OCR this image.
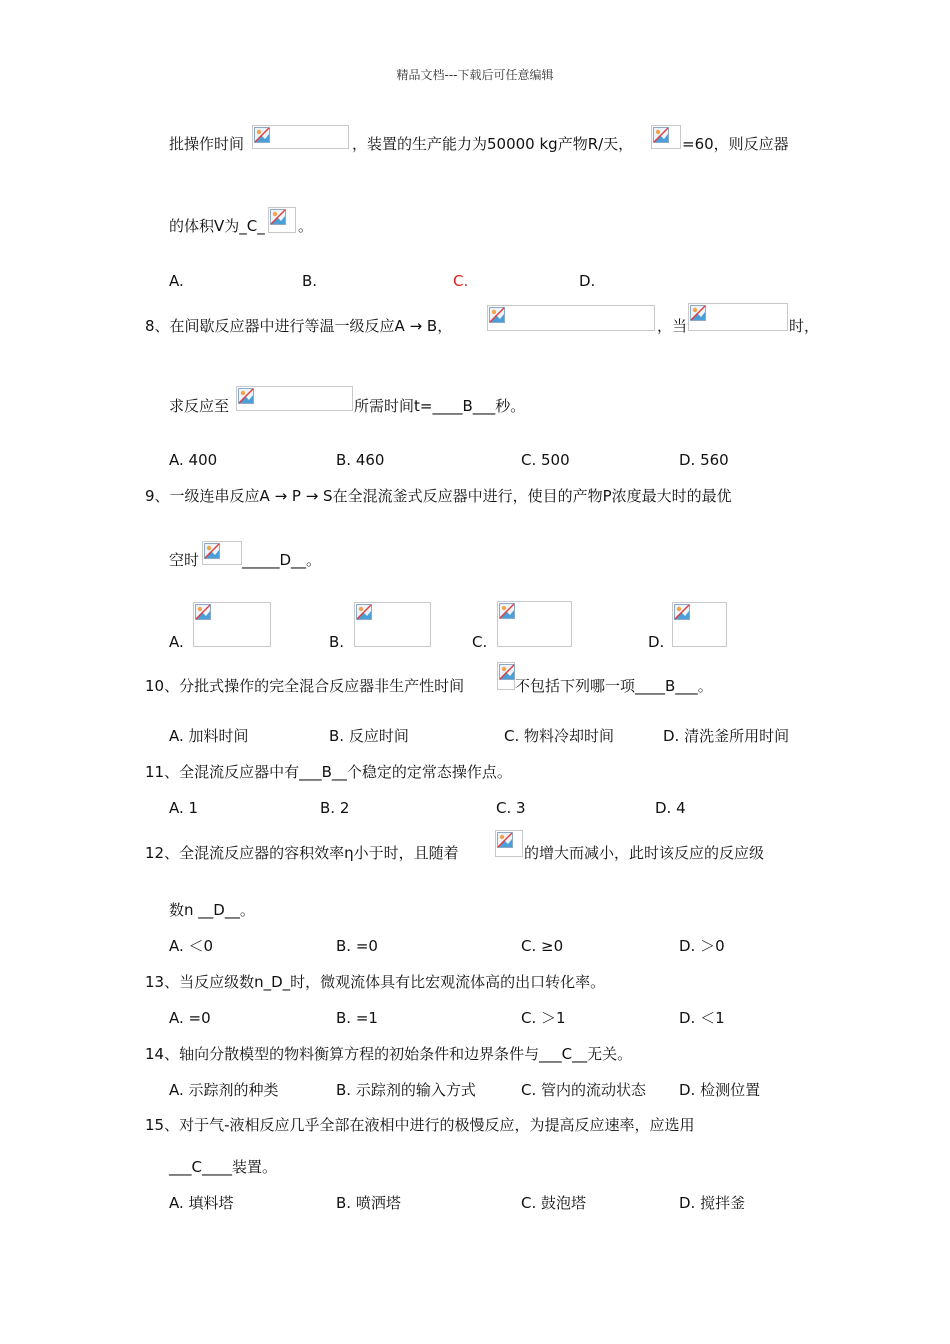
精品文档---下载后可任意编辑
批操作时间	，装置的生产能力为50000 kg产物R/天，	=60，则反应器
的体积V为_C_ 。
A.	B.	C.	D.
8、在间歇反应器中进行等温一级反应A → B，	，当	时，
求反应至	所需时间t=____B___秒。
A. 400	B. 460	C. 500	D. 560
9、一级连串反应A → P → S在全混流釜式反应器中进行，使目的产物P浓度最大时的最优
空时	_____D__。
A.	B.	C.	D.
10、分批式操作的完全混合反应器非生产性时间	不包括下列哪一项____B___。
A. 加料时间	B. 反应时间	C. 物料冷却时间	D. 清洗釜所用时间
11、全混流反应器中有___B__个稳定的定常态操作点。
A. 1	B. 2	C. 3	D. 4
12、全混流反应器的容积效率η小于时，且随着	的增大而减小，此时该反应的反应级
数n __D__。
A. ＜0	B. =0	C. ≥0	D. ＞0
13、当反应级数n_D_时，微观流体具有比宏观流体高的出口转化率。
A. =0	B. =1	C. ＞1	D. ＜1
14、轴向分散模型的物料衡算方程的初始条件和边界条件与___C__无关。
A. 示踪剂的种类	B. 示踪剂的输入方式	C. 管内的流动状态 D. 检测位置
15、对于气-液相反应几乎全部在液相中进行的极慢反应，为提高反应速率，应选用
___C____装置。
A. 填料塔	B. 喷洒塔	C. 鼓泡塔	D. 搅拌釜
